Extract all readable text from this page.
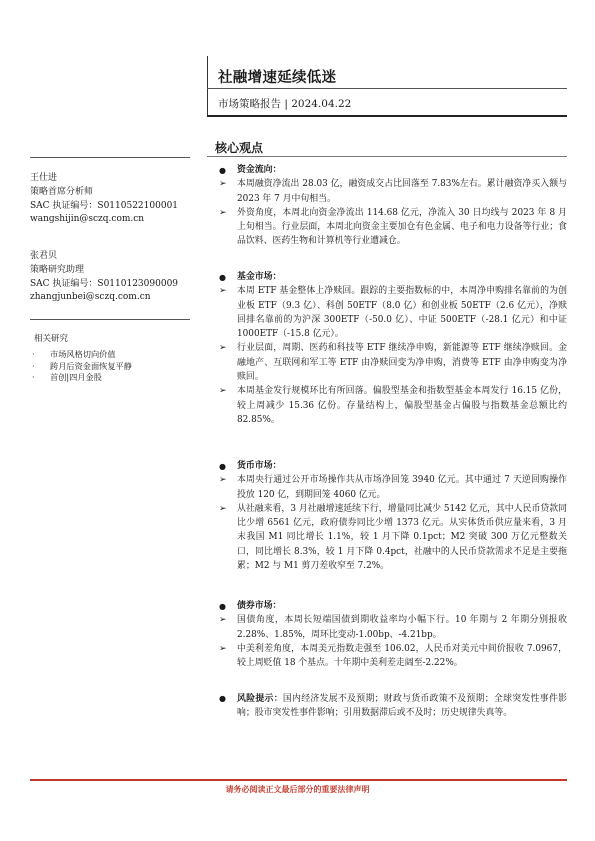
社融增速延续低迷
市场策略报告 | 2024.04.22
核心观点
王仕进
策略首席分析师
SAC 执证编号：S0110522100001
wangshijin@sczq.com.cn
张君贝
策略研究助理
SAC 执证编号：S0110123090009
zhangjunbei@sczq.com.cn
相关研究
· 市场风格切向价值
· 跨月后资金面恢复平静
· 首创|四月金股
● 资金流向：
➢ 本周融资净流出 28.03 亿，融资成交占比回落至 7.83%左右。累计融资净买入额与 2023 年 7 月中旬相当。
➢ 外资角度，本周北向资金净流出 114.68 亿元，净流入 30 日均线与 2023 年 8 月上旬相当。行业层面，本周北向资金主要加仓有色金属、电子和电力设备等行业；食品饮料、医药生物和计算机等行业遭减仓。
● 基金市场：
➢ 本周 ETF 基金整体上净赎回。跟踪的主要指数标的中，本周净申购排名靠前的为创业板 ETF（9.3 亿）、科创 50ETF（8.0 亿）和创业板 50ETF（2.6 亿元），净赎回排名靠前的为沪深 300ETF（-50.0 亿）、中证 500ETF（-28.1 亿元）和中证 1000ETF（-15.8 亿元）。
➢ 行业层面，周期、医药和科技等 ETF 继续净申购，新能源等 ETF 继续净赎回。金融地产、互联网和军工等 ETF 由净赎回变为净申购，消费等 ETF 由净申购变为净赎回。
➢ 本周基金发行规模环比有所回落。偏股型基金和指数型基金本周发行 16.15 亿份，较上周减少 15.36 亿份。存量结构上，偏股型基金占偏股与指数基金总额比约 82.85%。
● 货币市场：
➢ 本周央行通过公开市场操作共从市场净回笼 3940 亿元。其中通过 7 天逆回购操作投放 120 亿，到期回笼 4060 亿元。
➢ 从社融来看，3 月社融增速延续下行，增量同比减少 5142 亿元，其中人民币贷款同比少增 6561 亿元，政府债券同比少增 1373 亿元。从实体货币供应量来看，3 月末我国 M1 同比增长 1.1%，较 1 月下降 0.1pct；M2 突破 300 万亿元整数关口，同比增长 8.3%，较 1 月下降 0.4pct，社融中的人民币贷款需求不足是主要拖累；M2 与 M1 剪刀差收窄至 7.2%。
● 债券市场：
➢ 国债角度，本周长短端国债到期收益率均小幅下行。10 年期与 2 年期分别报收 2.28%、1.85%，周环比变动-1.00bp、-4.21bp。
➢ 中美利差角度，本周美元指数走强至 106.02，人民币对美元中间价报收 7.0967，较上周贬值 18 个基点。十年期中美利差走阔至-2.22%。
● 风险提示：国内经济发展不及预期；财政与货币政策不及预期；全球突发性事件影响；股市突发性事件影响；引用数据滞后或不及时；历史规律失真等。
请务必阅读正文最后部分的重要法律声明
